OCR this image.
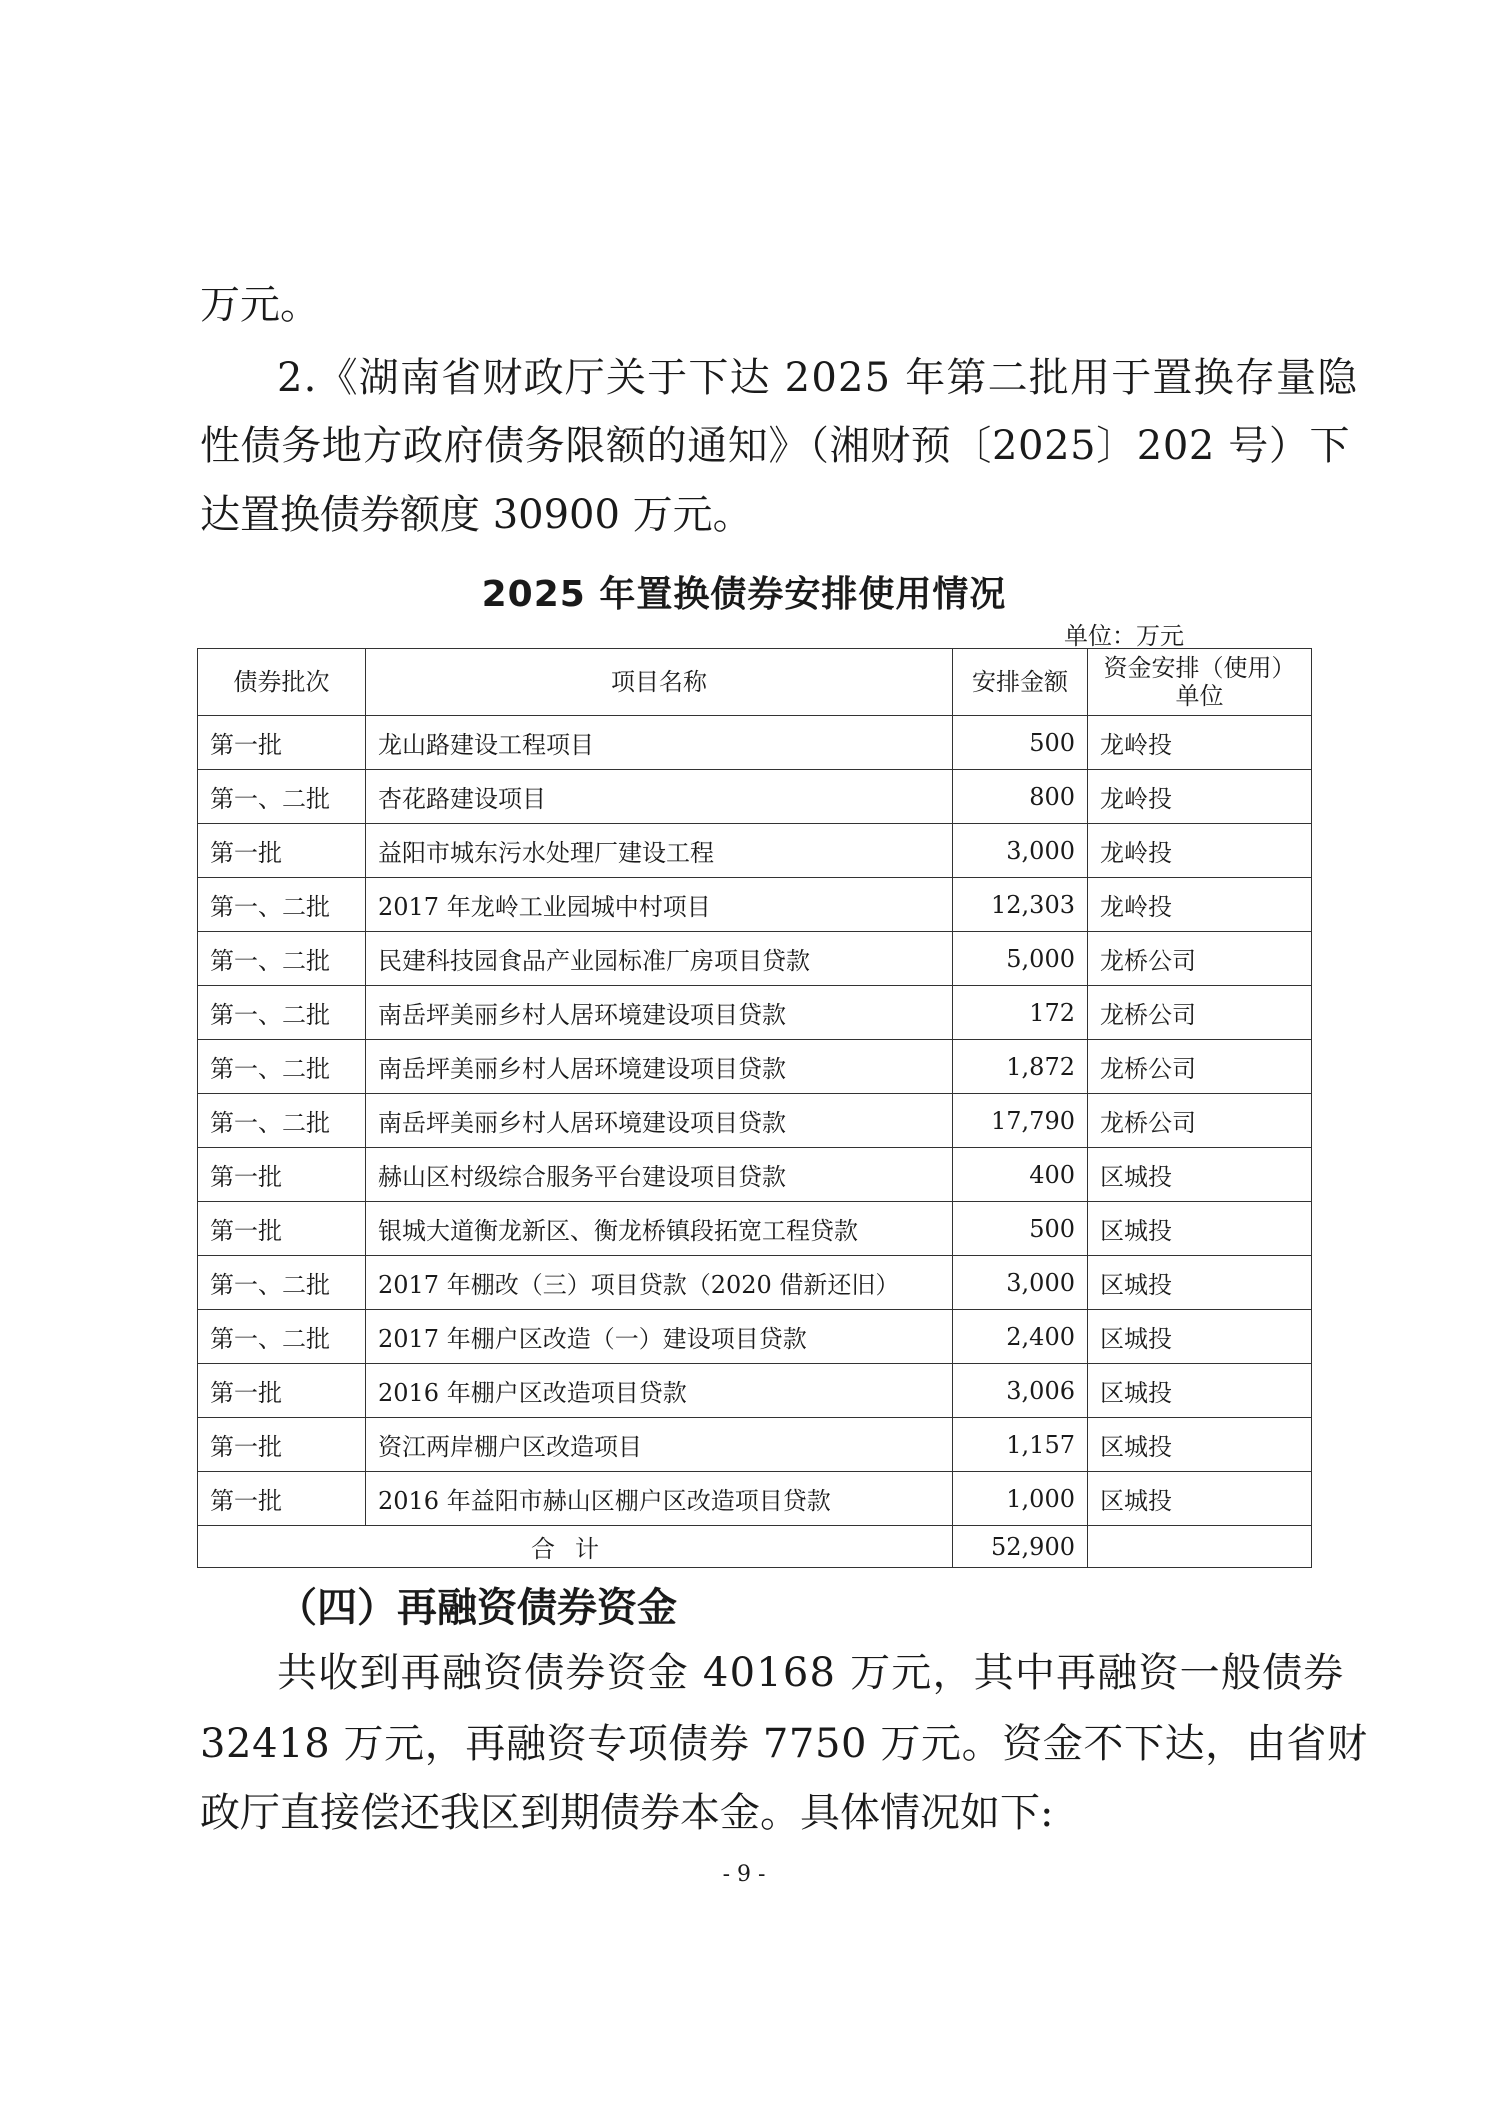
万元。
2.《湖南省财政厅关于下达 2025 年第二批用于置换存量隐
性债务地方政府债务限额的通知》（湘财预〔2025〕202 号）下
达置换债券额度 30900 万元。
2025 年置换债券安排使用情况
单位：万元
债券批次	项目名称	安排金额	资金安排（使用）单位
第一批	龙山路建设工程项目	500	龙岭投
第一、二批	杏花路建设项目	800	龙岭投
第一批	益阳市城东污水处理厂建设工程	3,000	龙岭投
第一、二批	2017 年龙岭工业园城中村项目	12,303	龙岭投
第一、二批	民建科技园食品产业园标准厂房项目贷款	5,000	龙桥公司
第一、二批	南岳坪美丽乡村人居环境建设项目贷款	172	龙桥公司
第一、二批	南岳坪美丽乡村人居环境建设项目贷款	1,872	龙桥公司
第一、二批	南岳坪美丽乡村人居环境建设项目贷款	17,790	龙桥公司
第一批	赫山区村级综合服务平台建设项目贷款	400	区城投
第一批	银城大道衡龙新区、衡龙桥镇段拓宽工程贷款	500	区城投
第一、二批	2017 年棚改（三）项目贷款（2020 借新还旧）	3,000	区城投
第一、二批	2017 年棚户区改造（一）建设项目贷款	2,400	区城投
第一批	2016 年棚户区改造项目贷款	3,006	区城投
第一批	资江两岸棚户区改造项目	1,157	区城投
第一批	2016 年益阳市赫山区棚户区改造项目贷款	1,000	区城投
合计		52,900	
（四）再融资债券资金
共收到再融资债券资金 40168 万元，其中再融资一般债券
32418 万元，再融资专项债券 7750 万元。资金不下达，由省财
政厅直接偿还我区到期债券本金。具体情况如下:
- 9 -
